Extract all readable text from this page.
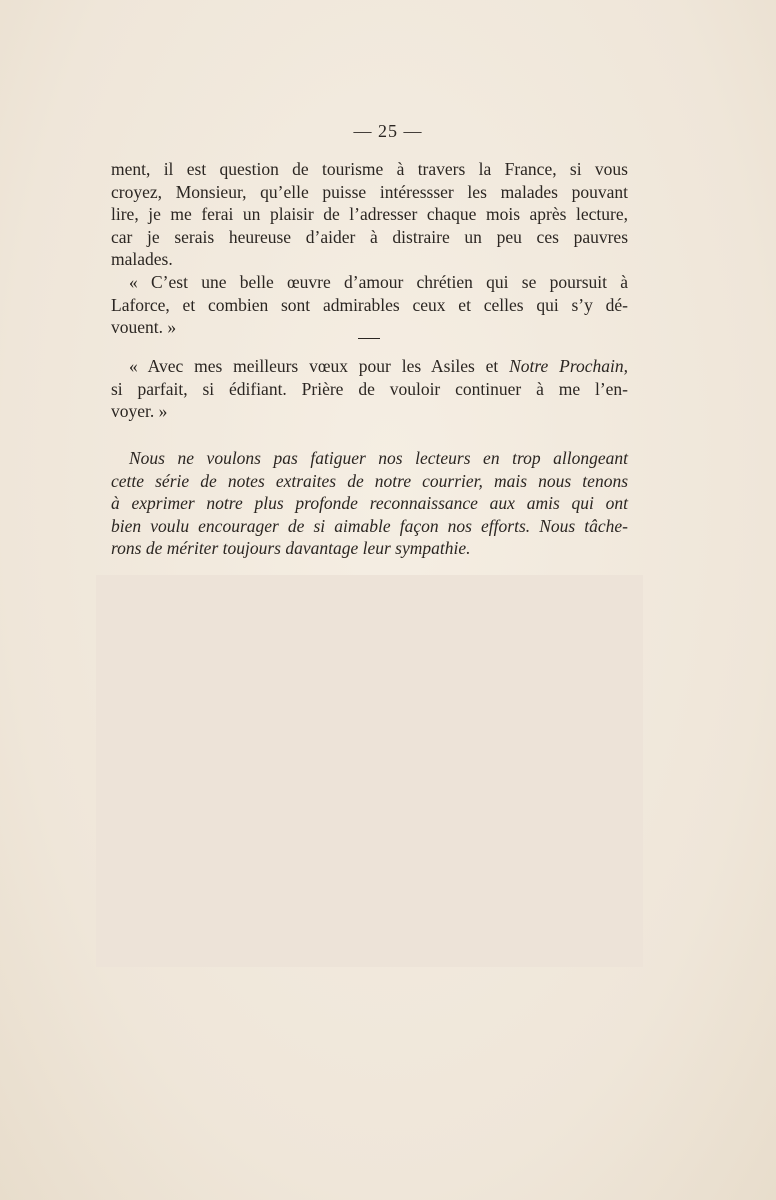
— 25 —
ment, il est question de tourisme à travers la France, si vous
croyez, Monsieur, qu’elle puisse intéressser les malades pouvant
lire, je me ferai un plaisir de l’adresser chaque mois après lecture,
car je serais heureuse d’aider à distraire un peu ces pauvres
malades.
« C’est une belle œuvre d’amour chrétien qui se poursuit à
Laforce, et combien sont admirables ceux et celles qui s’y dé-
vouent. »
« Avec mes meilleurs vœux pour les Asiles et Notre Prochain,
si parfait, si édifiant. Prière de vouloir continuer à me l’en-
voyer. »
Nous ne voulons pas fatiguer nos lecteurs en trop allongeant
cette série de notes extraites de notre courrier, mais nous tenons
à exprimer notre plus profonde reconnaissance aux amis qui ont
bien voulu encourager de si aimable façon nos efforts. Nous tâche-
rons de mériter toujours davantage leur sympathie.
